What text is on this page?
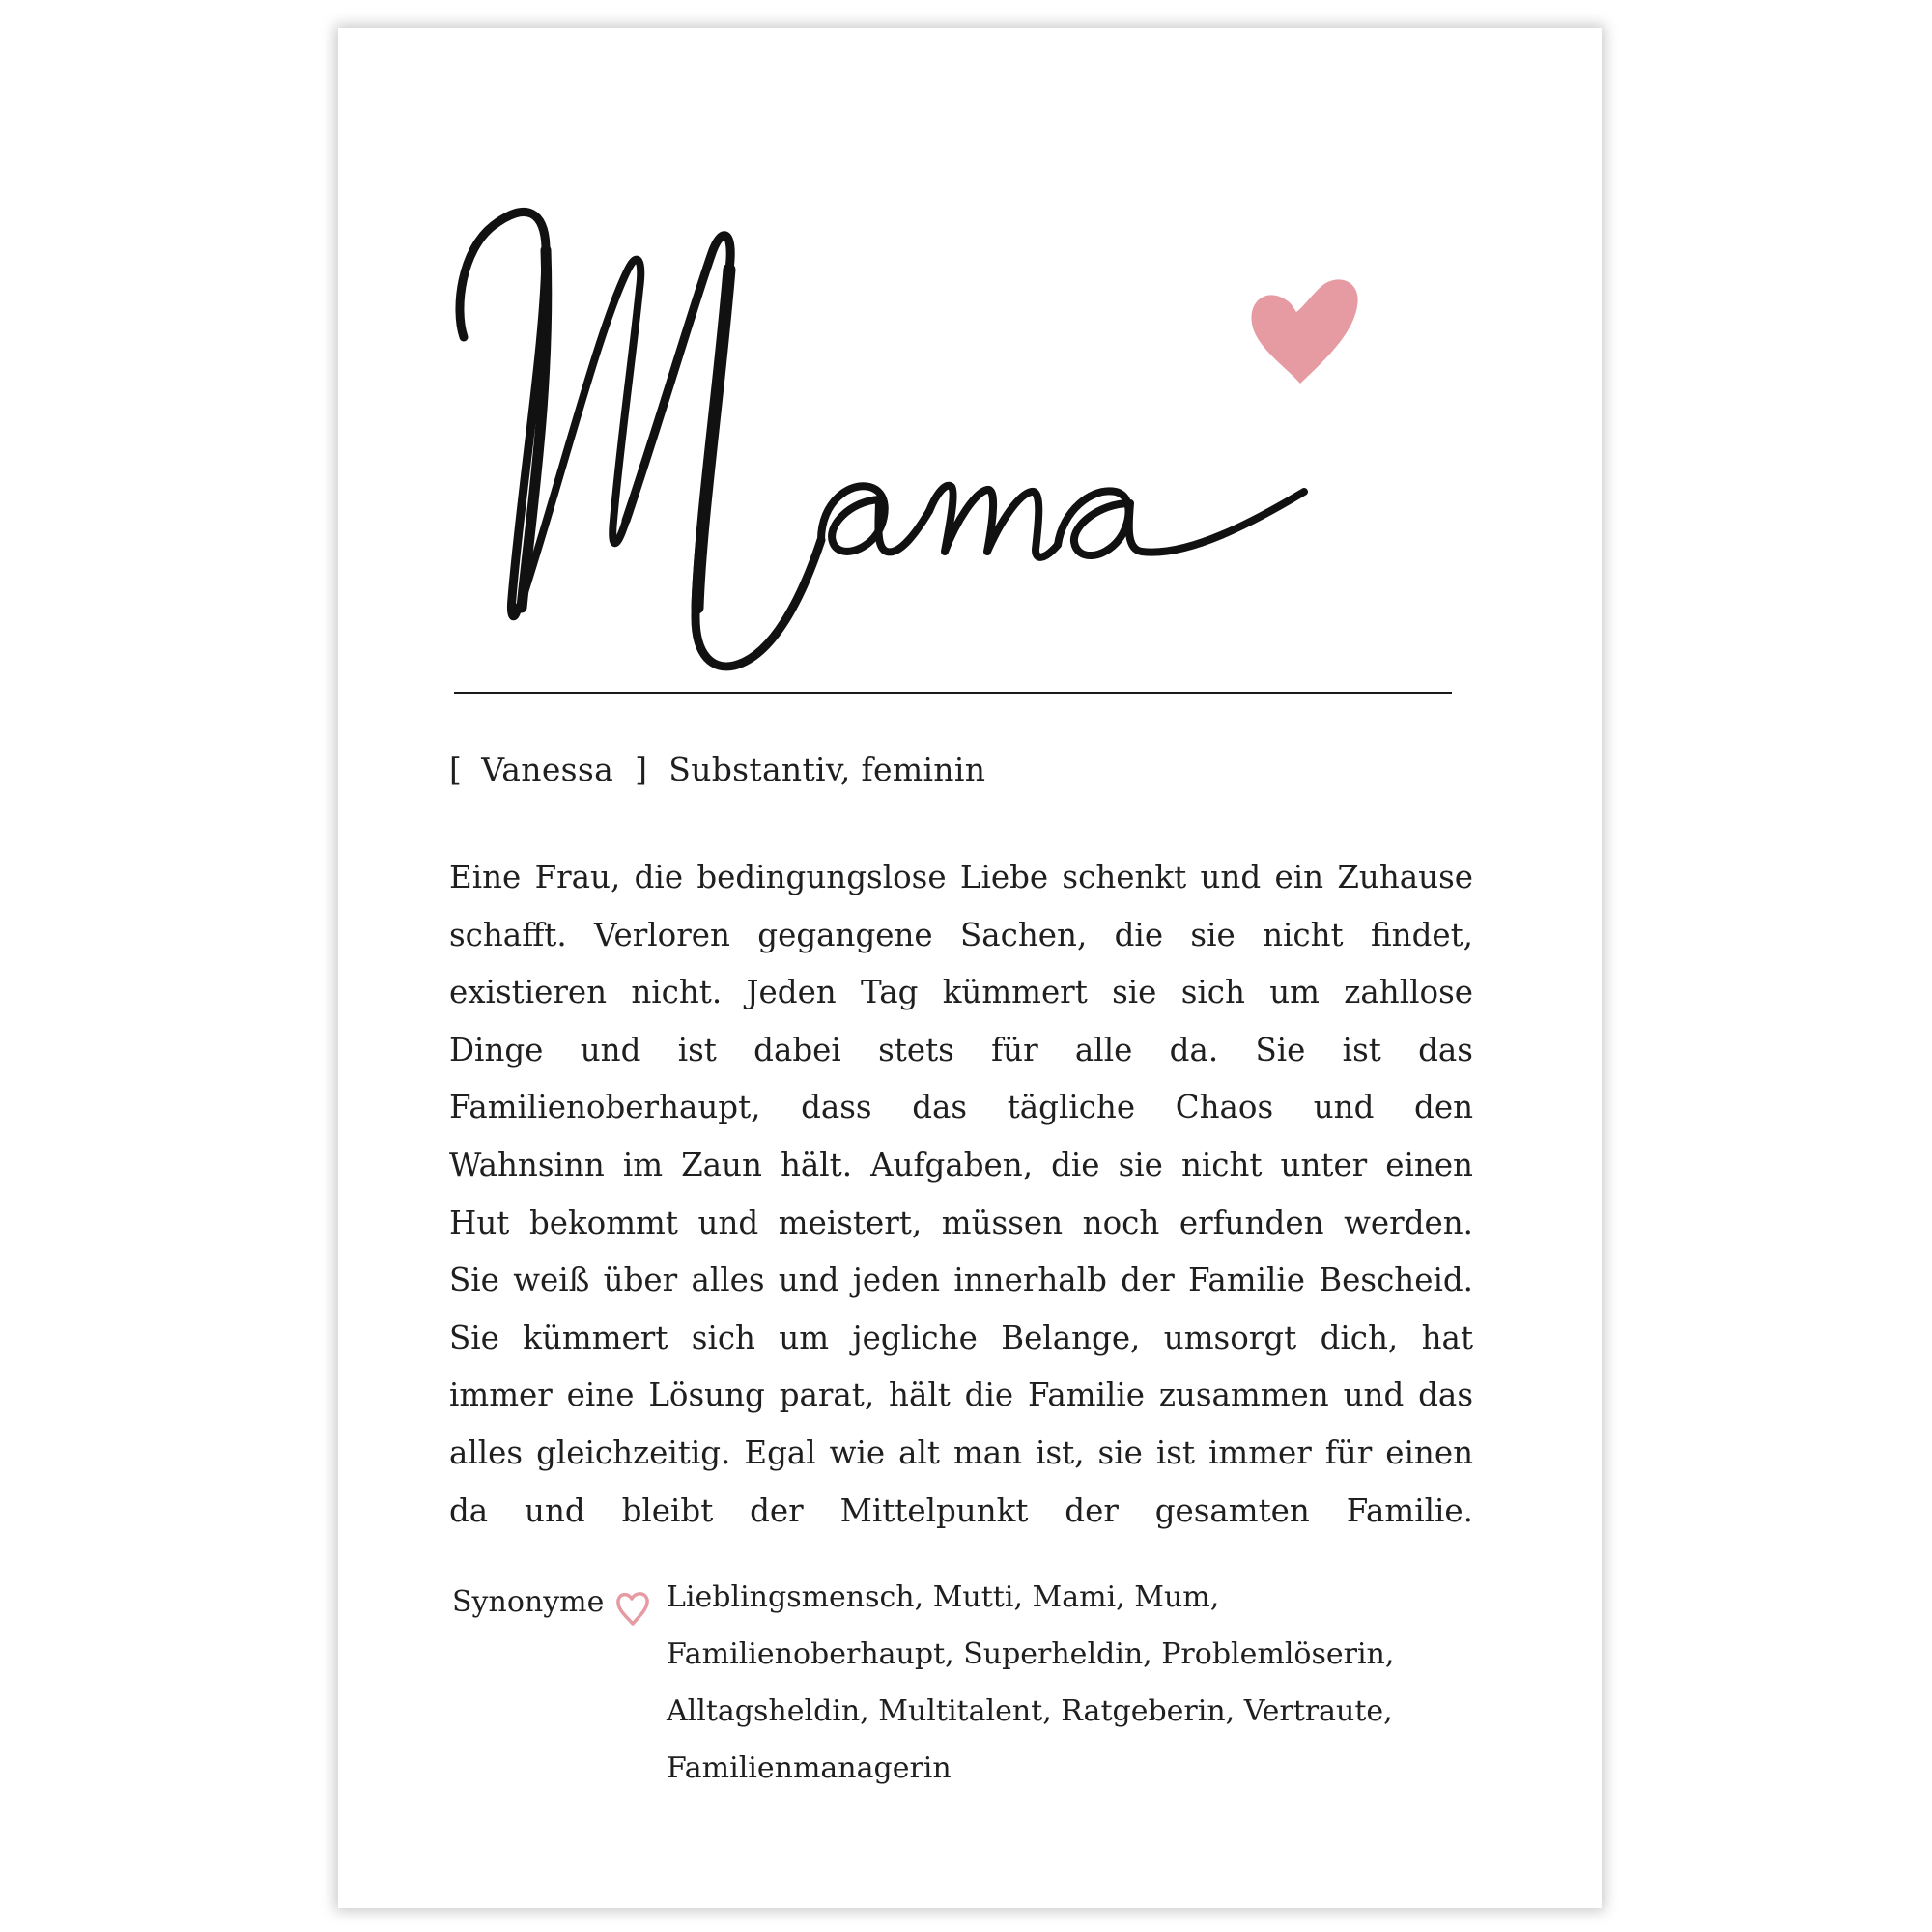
[ Vanessa ] Substantiv, feminin
Eine Frau, die bedingungslose Liebe schenkt und ein Zuhause
schafft. Verloren gegangene Sachen, die sie nicht findet,
existieren nicht. Jeden Tag kümmert sie sich um zahllose
Dinge und ist dabei stets für alle da. Sie ist das
Familienoberhaupt, dass das tägliche Chaos und den
Wahnsinn im Zaun hält. Aufgaben, die sie nicht unter einen
Hut bekommt und meistert, müssen noch erfunden werden.
Sie weiß über alles und jeden innerhalb der Familie Bescheid.
Sie kümmert sich um jegliche Belange, umsorgt dich, hat
immer eine Lösung parat, hält die Familie zusammen und das
alles gleichzeitig. Egal wie alt man ist, sie ist immer für einen
da und bleibt der Mittelpunkt der gesamten Familie.
Synonyme Lieblingsmensch, Mutti, Mami, Mum,
Familienoberhaupt, Superheldin, Problemlöserin,
Alltagsheldin, Multitalent, Ratgeberin, Vertraute,
Familienmanagerin
